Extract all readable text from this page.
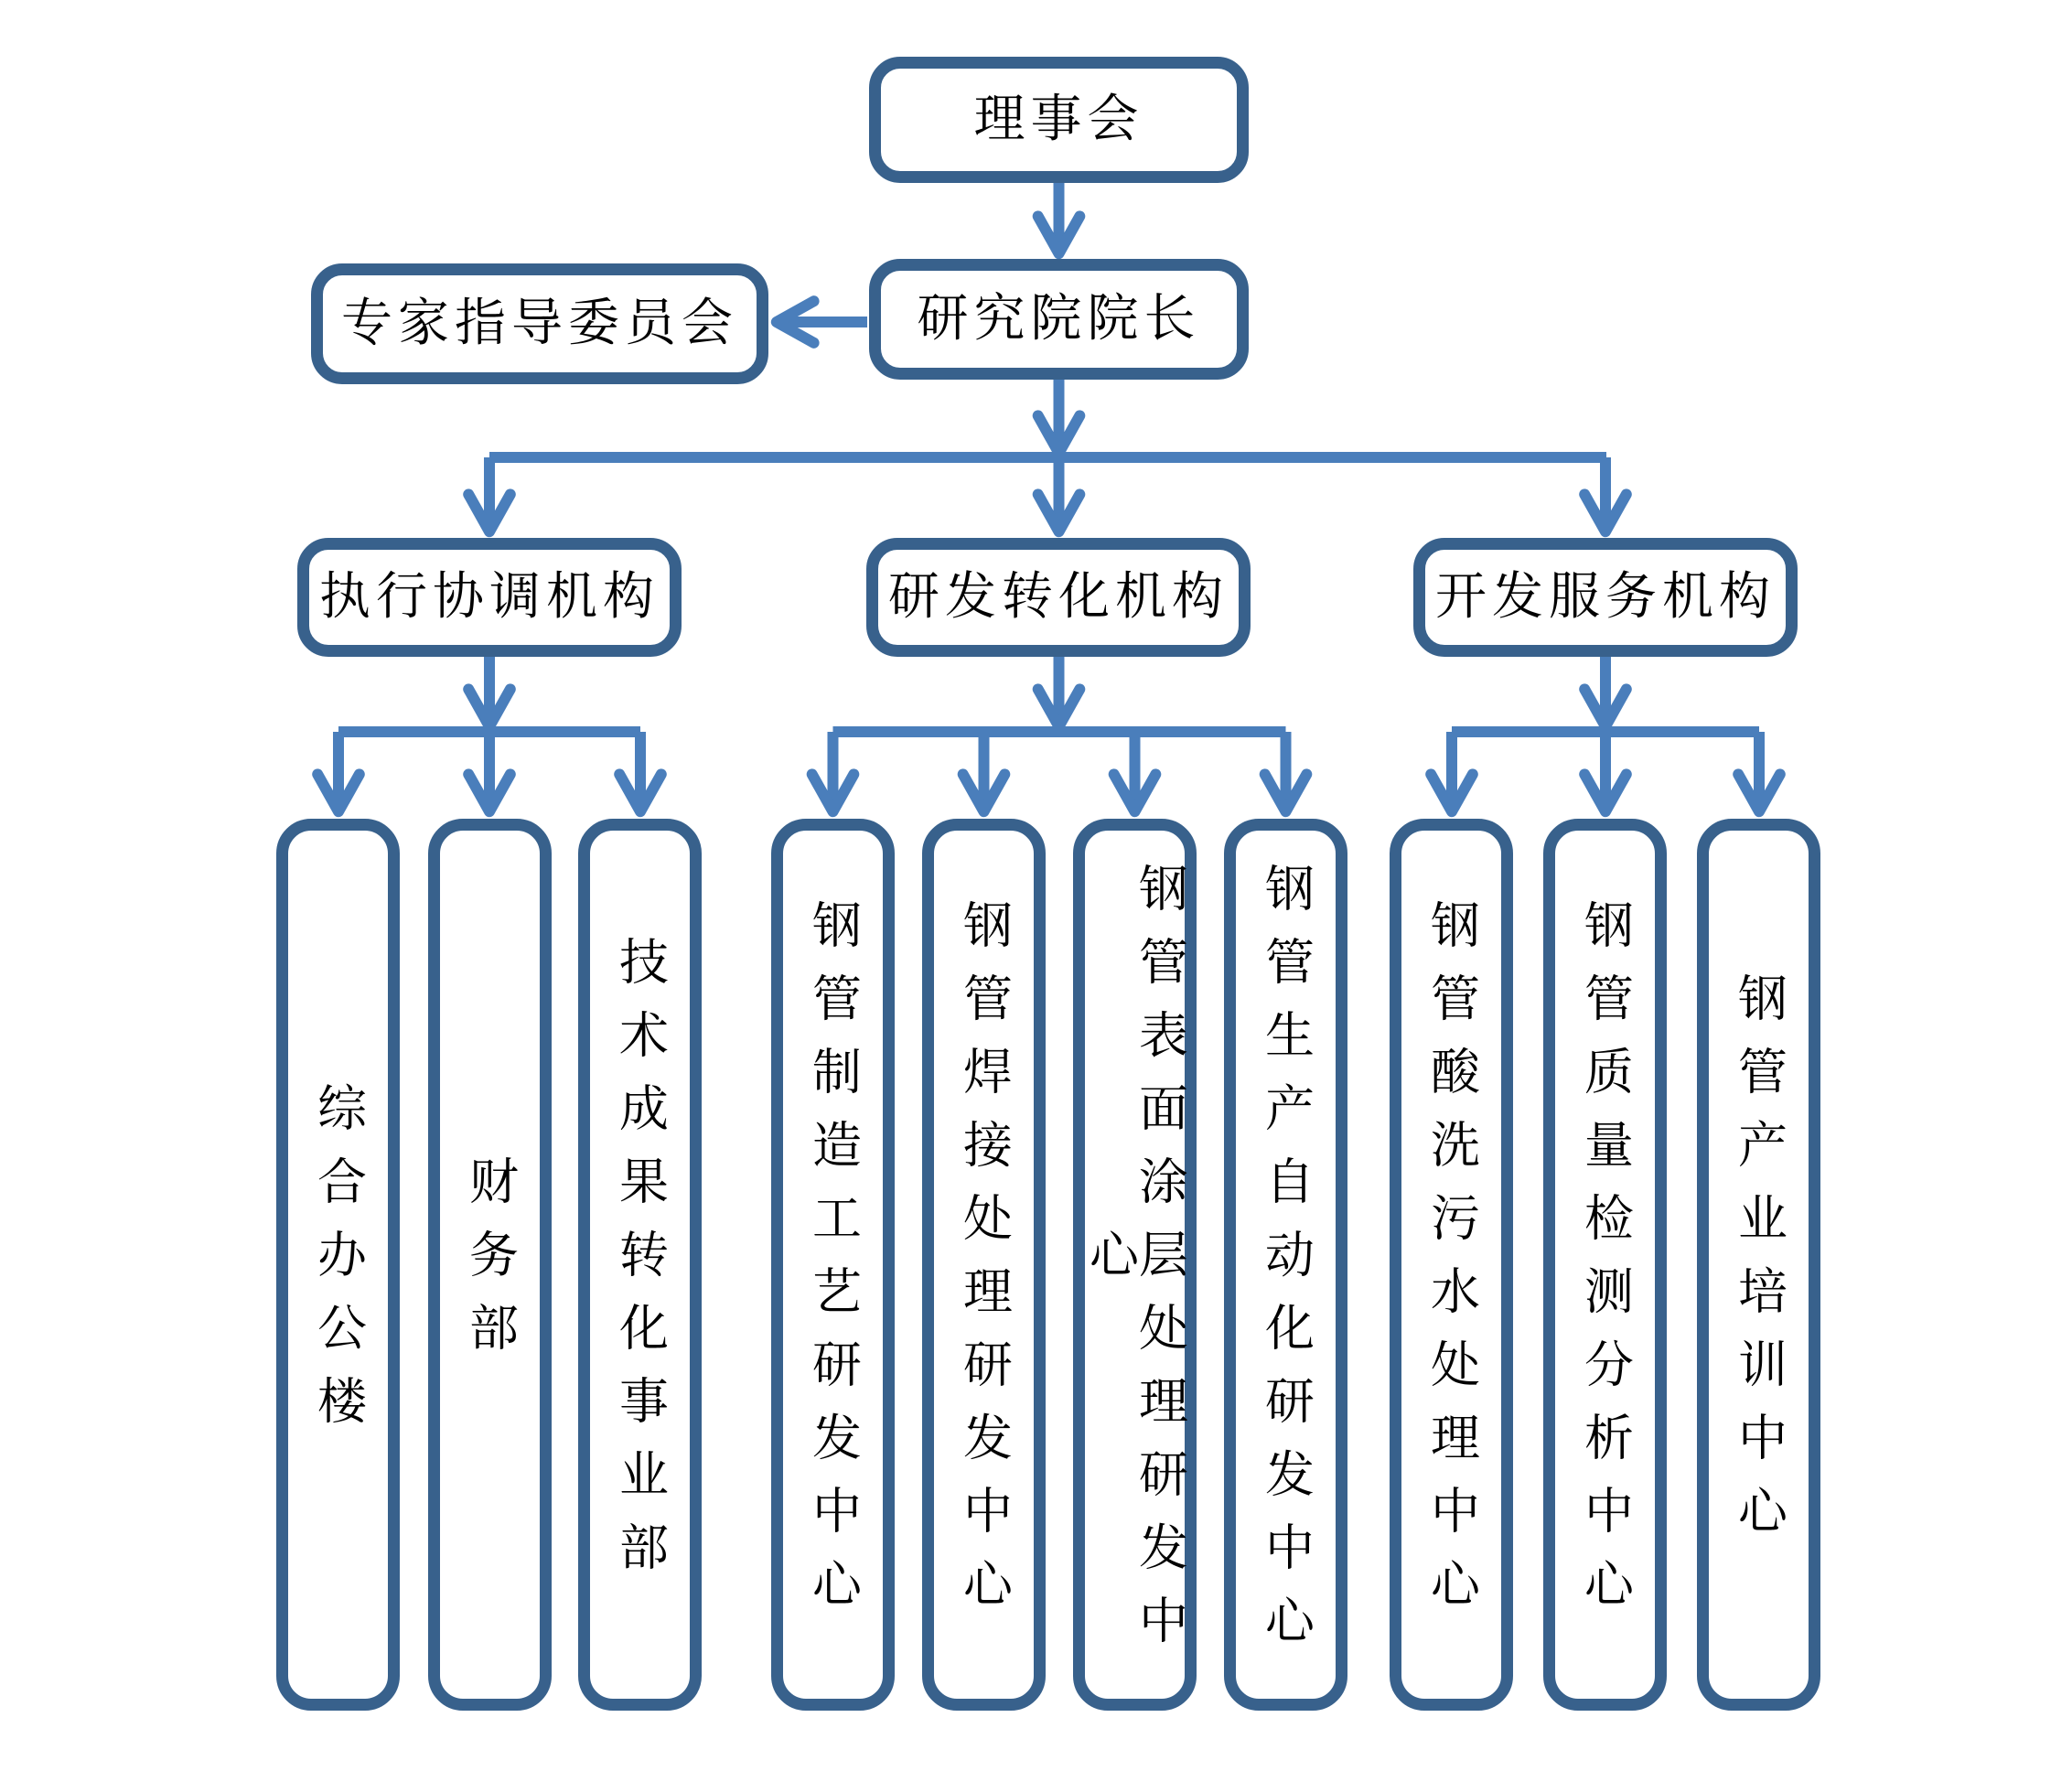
理事会
专家指导委员会	研究院院长
执行协调机构	研发转化机构	开发服务机构
综合办公楼 财务部 技术成果转化事业部	钢管制造工艺研发中心 钢管焊接处理研发中心	钢管表面涂层处理研发中心	钢管生产自动化研发中心 钢管酸洗污水处理中心 钢管质量检测分析中心 钢管产业培训中心
